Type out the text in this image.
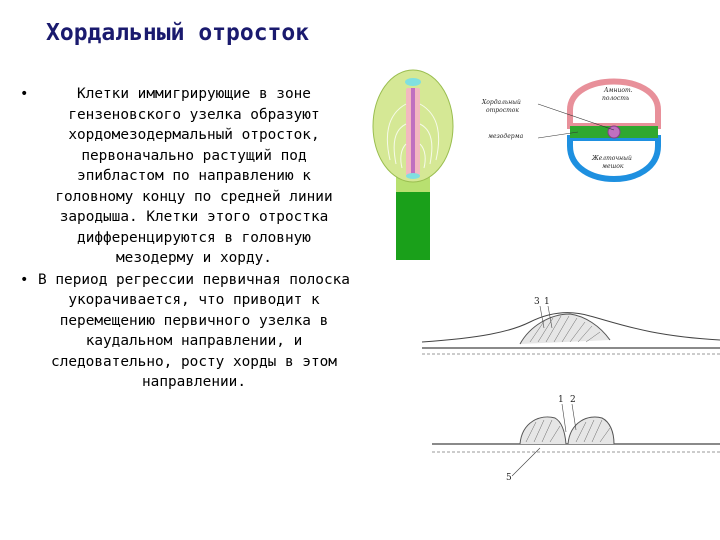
Хордальный отросток
•	Клетки иммигрирующие в зоне гензеновского узелка образуют хордомезодермальный отросток, первоначально растущий под эпибластом по направлению к головному концу по средней линии зародыша. Клетки этого отростка дифференцируются в головную мезодерму и хорду.
• В период регрессии первичная полоска укорачивается, что приводит к перемещению первичного узелка в каудальном направлении, и следовательно, росту хорды в этом направлении.
Хордальный
отросток
мезодерма
Амниот.
полость
Желточный
мешок
3 1
1 2
5
